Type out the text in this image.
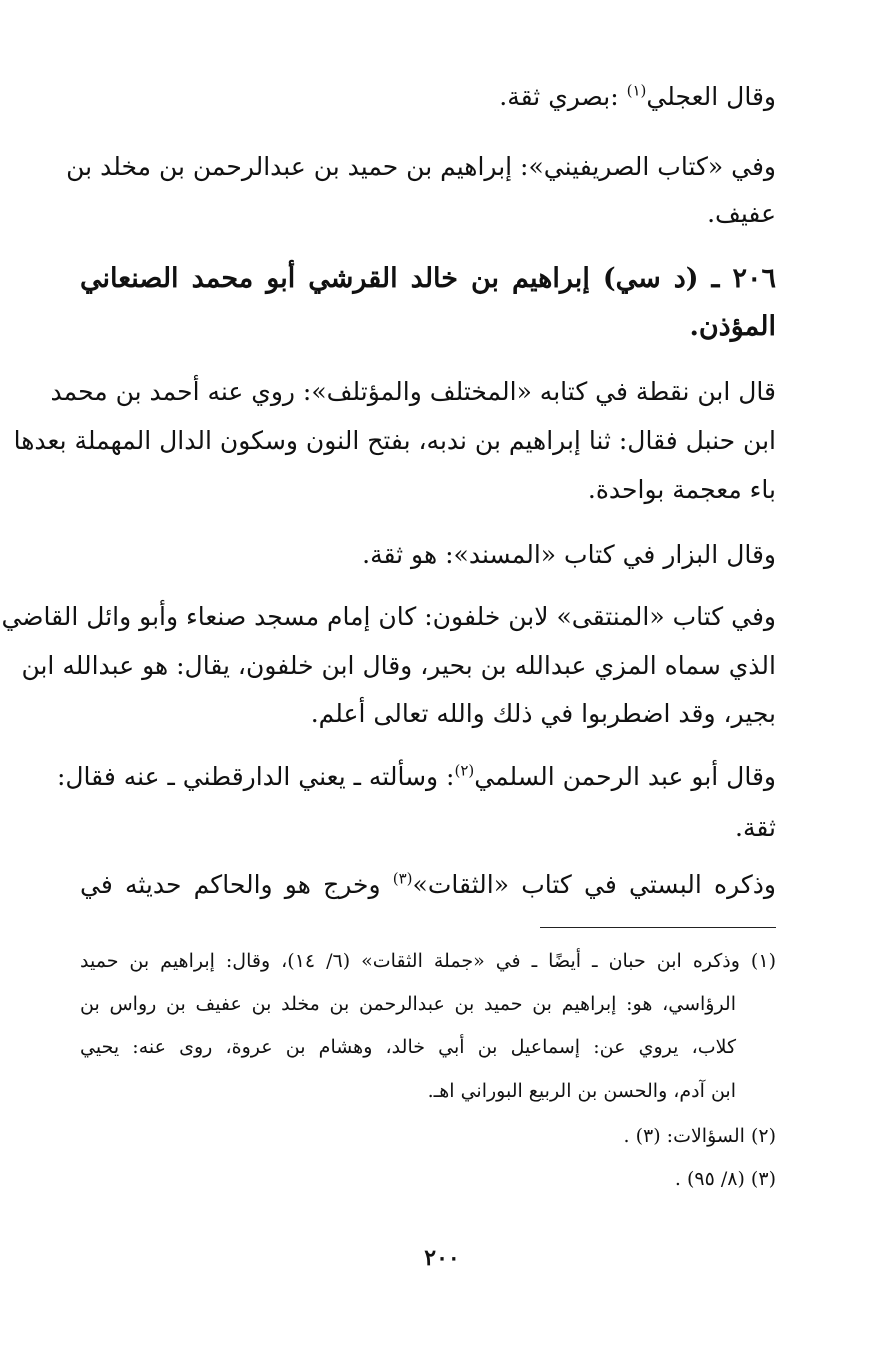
وقال العجلي$^{(١)}$ :بصري ثقة.
وفي «كتاب الصريفيني»: إبراهيم بن حميد بن عبدالرحمن بن مخلد بن
عفيف.
٢٠٦ ـ (د سي) إبراهيم بن خالد القرشي أبو محمد الصنعاني
المؤذن.
قال ابن نقطة في كتابه «المختلف والمؤتلف»: روي عنه أحمد بن محمد
ابن حنبل فقال: ثنا إبراهيم بن ندبه، بفتح النون وسكون الدال المهملة بعدها
باء معجمة بواحدة.
وقال البزار في كتاب «المسند»: هو ثقة.
وفي كتاب «المنتقى» لابن خلفون: كان إمام مسجد صنعاء وأبو وائل القاضي
الذي سماه المزي عبدالله بن بحير، وقال ابن خلفون، يقال: هو عبدالله ابن
بجير، وقد اضطربوا في ذلك والله تعالى أعلم.
وقال أبو عبد الرحمن السلمي$^{(٢)}$: وسألته ـ يعني الدارقطني ـ عنه فقال:
ثقة.
وذكره البستي في كتاب «الثقات»$^{(٣)}$ وخرج هو والحاكم حديثه في
(١) وذكره ابن حبان ـ أيضًا ـ في «جملة الثقات» (٦/ ١٤)، وقال: إبراهيم بن حميد
الرؤاسي، هو: إبراهيم بن حميد بن عبدالرحمن بن مخلد بن عفيف بن رواس بن
كلاب، يروي عن: إسماعيل بن أبي خالد، وهشام بن عروة، روى عنه: يحيي
ابن آدم، والحسن بن الربيع البوراني اهـ.
(٢) السؤالات: (٣) .
(٣) (٨/ ٩٥) .
٢٠٠
